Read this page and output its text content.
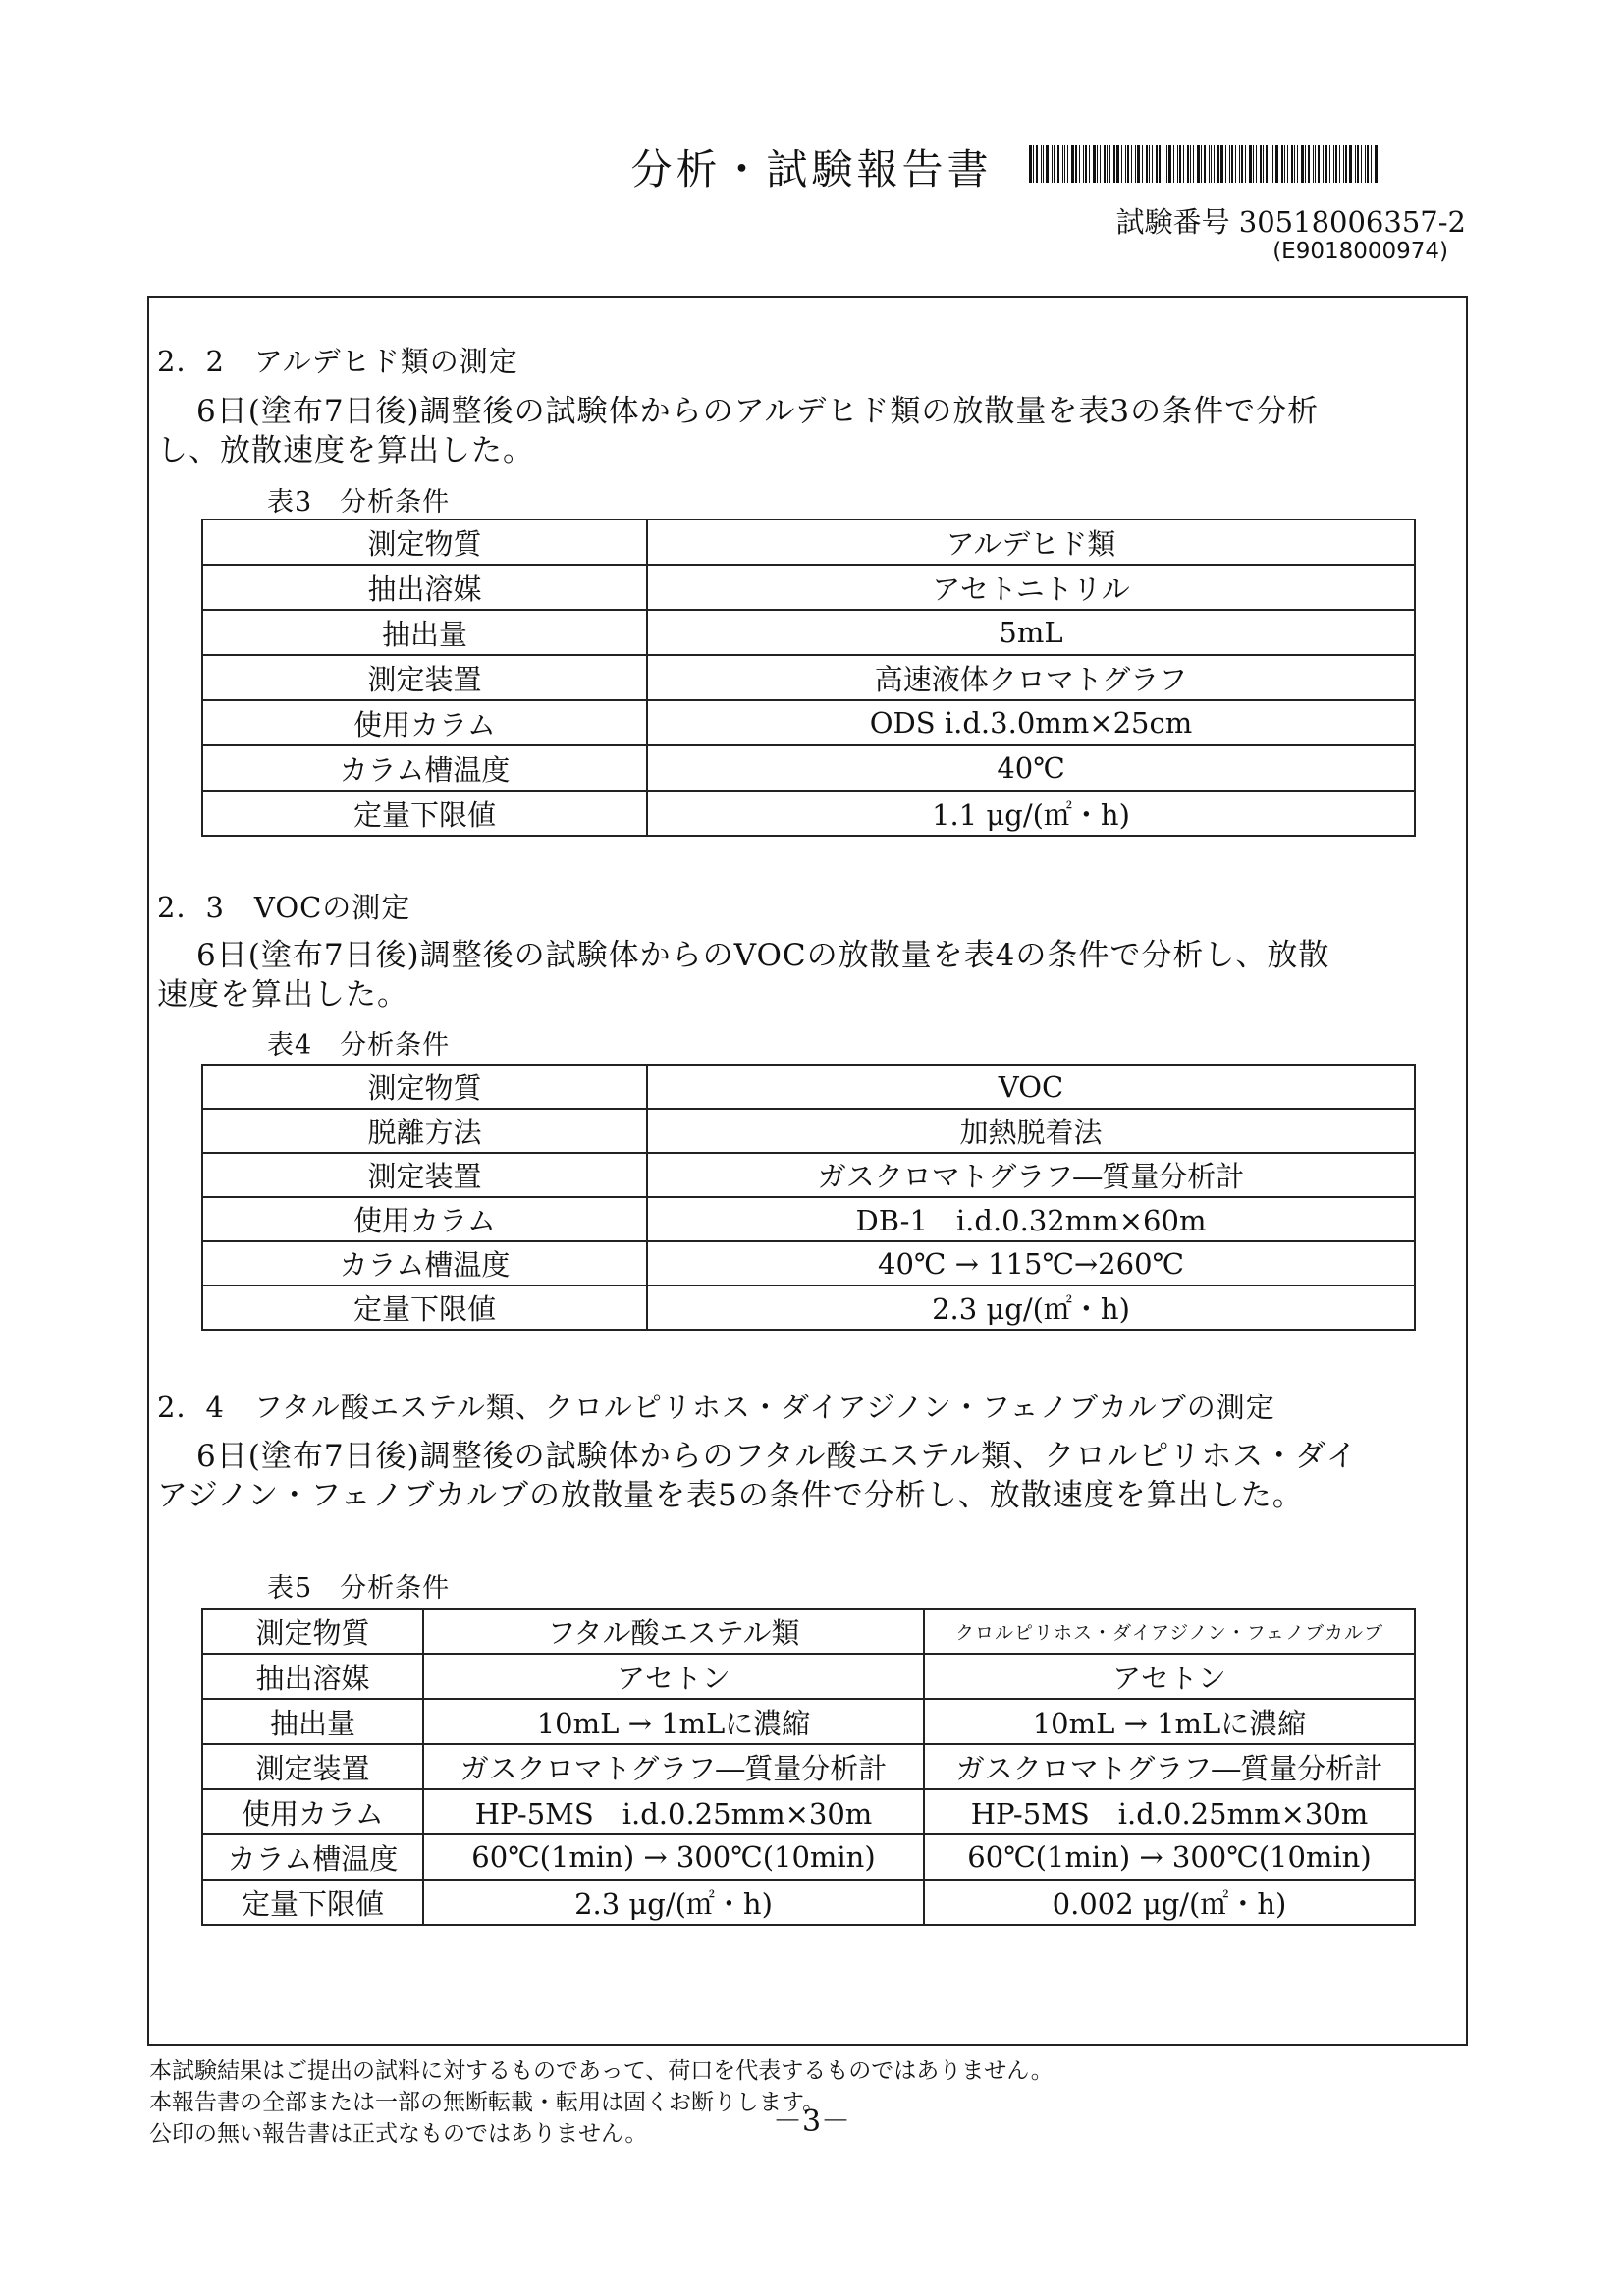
分析・試験報告書
試験番号 30518006357-2
(E9018000974)
2．2　アルデヒド類の測定
6日(塗布7日後)調整後の試験体からのアルデヒド類の放散量を表3の条件で分析
し、放散速度を算出した。
表3　分析条件
測定物質	アルデヒド類
抽出溶媒	アセトニトリル
抽出量	5mL
測定装置	高速液体クロマトグラフ
使用カラム	ODS i.d.3.0mm×25cm
カラム槽温度	40℃
定量下限値	1.1 μg/(㎡・h)
2．3　VOCの測定
6日(塗布7日後)調整後の試験体からのVOCの放散量を表4の条件で分析し、放散
速度を算出した。
表4　分析条件
測定物質	VOC
脱離方法	加熱脱着法
測定装置	ガスクロマトグラフ―質量分析計
使用カラム	DB-1　i.d.0.32mm×60m
カラム槽温度	40℃ → 115℃→260℃
定量下限値	2.3 μg/(㎡・h)
2．4　フタル酸エステル類、クロルピリホス・ダイアジノン・フェノブカルブの測定
6日(塗布7日後)調整後の試験体からのフタル酸エステル類、クロルピリホス・ダイ
アジノン・フェノブカルブの放散量を表5の条件で分析し、放散速度を算出した。
表5　分析条件
測定物質	フタル酸エステル類	クロルピリホス・ダイアジノン・フェノブカルブ
抽出溶媒	アセトン	アセトン
抽出量	10mL → 1mLに濃縮	10mL → 1mLに濃縮
測定装置	ガスクロマトグラフ―質量分析計	ガスクロマトグラフ―質量分析計
使用カラム	HP-5MS　i.d.0.25mm×30m	HP-5MS　i.d.0.25mm×30m
カラム槽温度	60℃(1min) → 300℃(10min)	60℃(1min) → 300℃(10min)
定量下限値	2.3 μg/(㎡・h)	0.002 μg/(㎡・h)
本試験結果はご提出の試料に対するものであって、荷口を代表するものではありません。
本報告書の全部または一部の無断転載・転用は固くお断りします。
公印の無い報告書は正式なものではありません。	－3－
